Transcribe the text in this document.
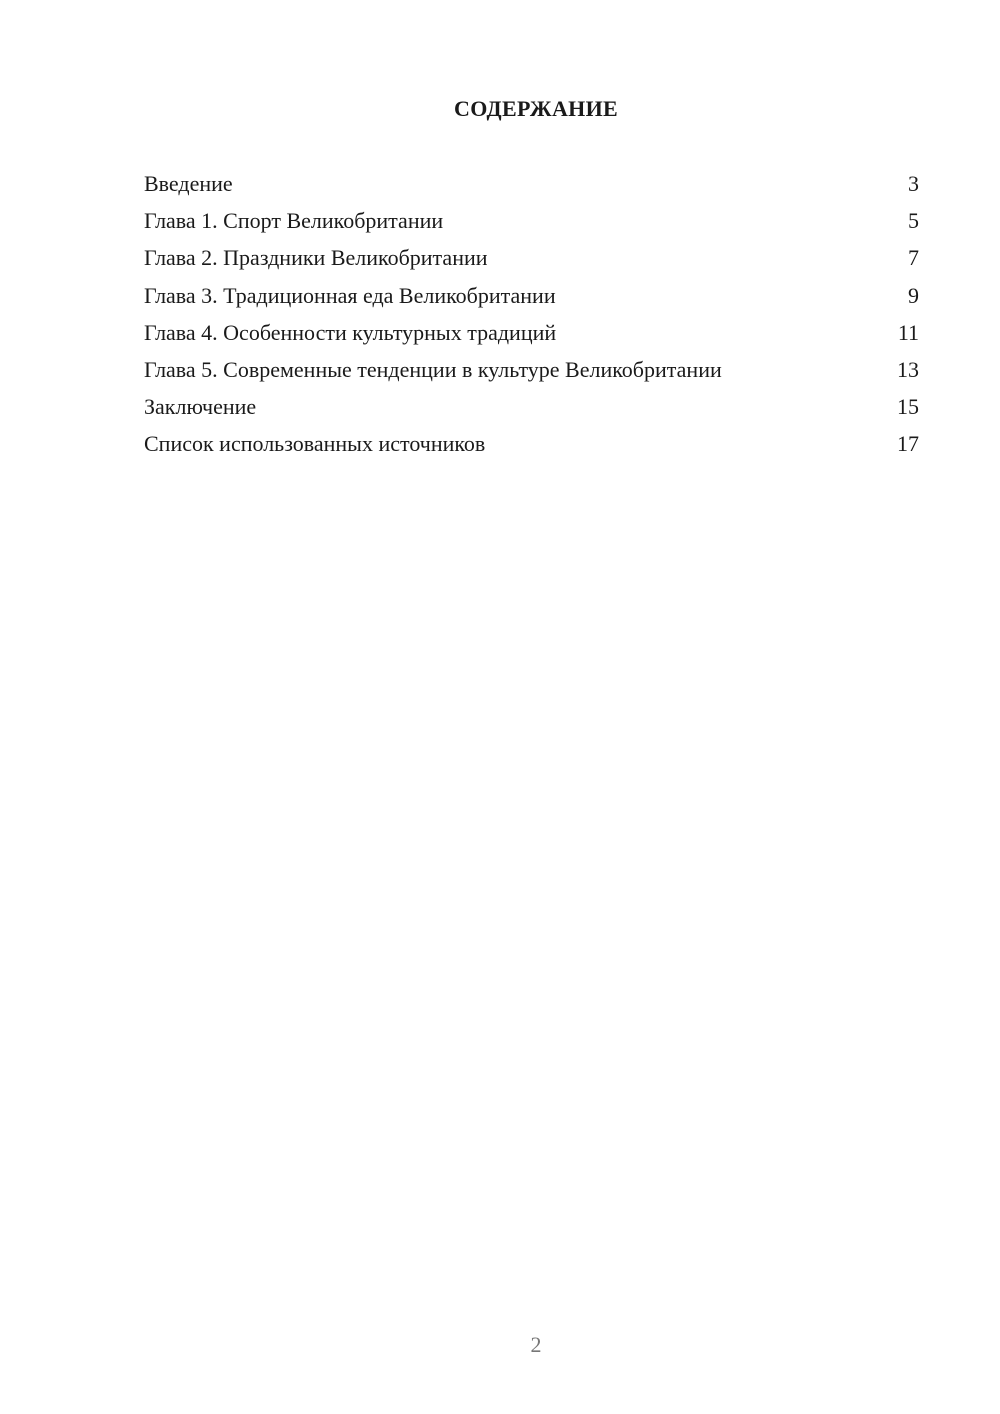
СОДЕРЖАНИЕ
Введение	3
Глава 1. Спорт Великобритании	5
Глава 2. Праздники Великобритании	7
Глава 3. Традиционная еда Великобритании	9
Глава 4. Особенности культурных традиций	11
Глава 5. Современные тенденции в культуре Великобритании	13
Заключение	15
Список использованных источников	17
2
